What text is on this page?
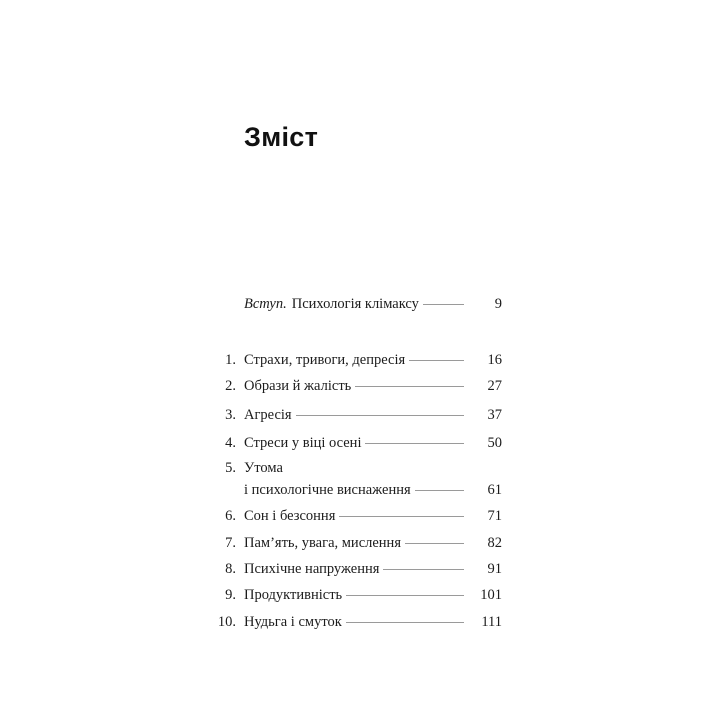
Зміст
Вступ. Психологія клімаксу	9
1. Страхи, тривоги, депресія	16
2. Образи й жалість	27
3. Агресія	37
4. Стреси у віці осені	50
5. Утома
і психологічне виснаження	61
6. Сон і безсоння	71
7. Пам’ять, увага, мислення	82
8. Психічне напруження	91
9. Продуктивність	101
10. Нудьга і смуток	111
